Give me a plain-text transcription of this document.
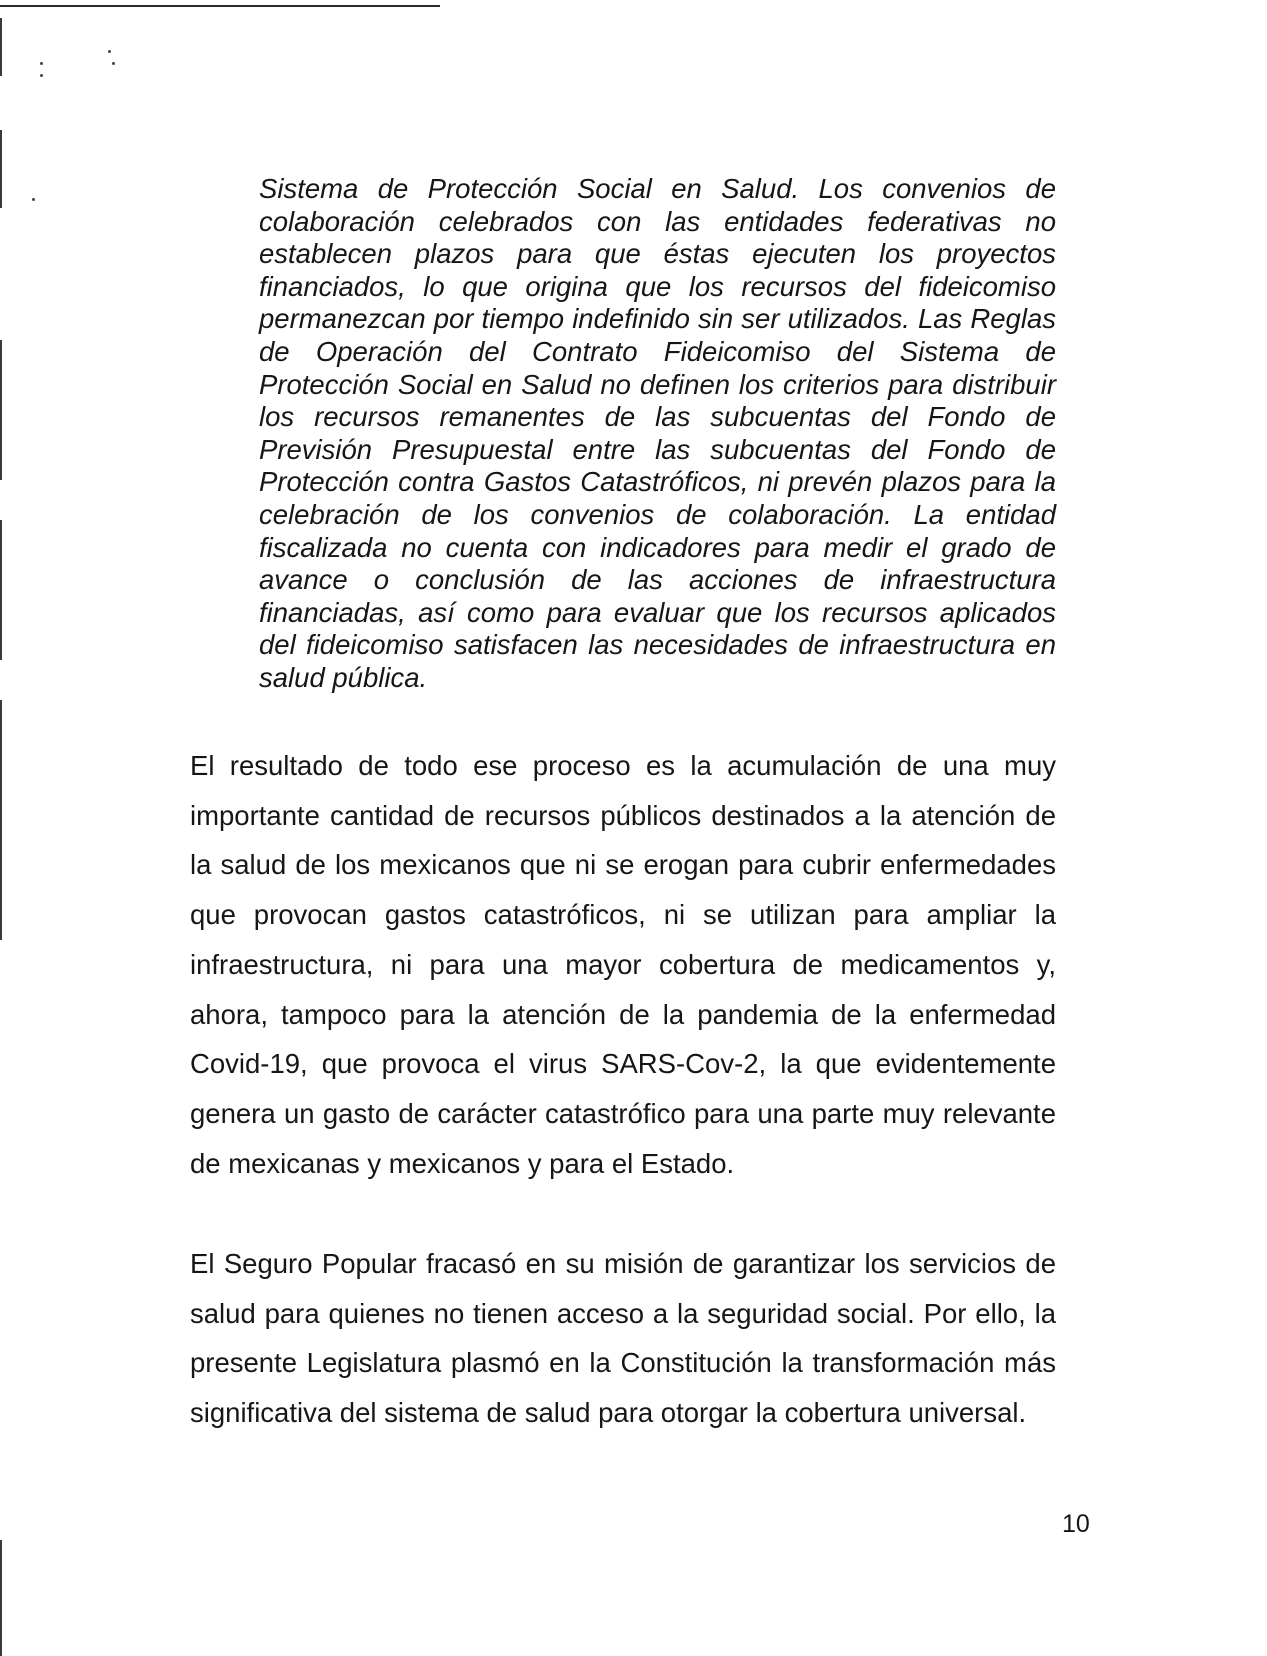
Sistema de Protección Social en Salud. Los convenios de colaboración celebrados con las entidades federativas no establecen plazos para que éstas ejecuten los proyectos financiados, lo que origina que los recursos del fideicomiso permanezcan por tiempo indefinido sin ser utilizados. Las Reglas de Operación del Contrato Fideicomiso del Sistema de Protección Social en Salud no definen los criterios para distribuir los recursos remanentes de las subcuentas del Fondo de Previsión Presupuestal entre las subcuentas del Fondo de Protección contra Gastos Catastróficos, ni prevén plazos para la celebración de los convenios de colaboración. La entidad fiscalizada no cuenta con indicadores para medir el grado de avance o conclusión de las acciones de infraestructura financiadas, así como para evaluar que los recursos aplicados del fideicomiso satisfacen las necesidades de infraestructura en salud pública.

El resultado de todo ese proceso es la acumulación de una muy importante cantidad de recursos públicos destinados a la atención de la salud de los mexicanos que ni se erogan para cubrir enfermedades que provocan gastos catastróficos, ni se utilizan para ampliar la infraestructura, ni para una mayor cobertura de medicamentos y, ahora, tampoco para la atención de la pandemia de la enfermedad Covid-19, que provoca el virus SARS-Cov-2, la que evidentemente genera un gasto de carácter catastrófico para una parte muy relevante de mexicanas y mexicanos y para el Estado.

El Seguro Popular fracasó en su misión de garantizar los servicios de salud para quienes no tienen acceso a la seguridad social. Por ello, la presente Legislatura plasmó en la Constitución la transformación más significativa del sistema de salud para otorgar la cobertura universal.

10
